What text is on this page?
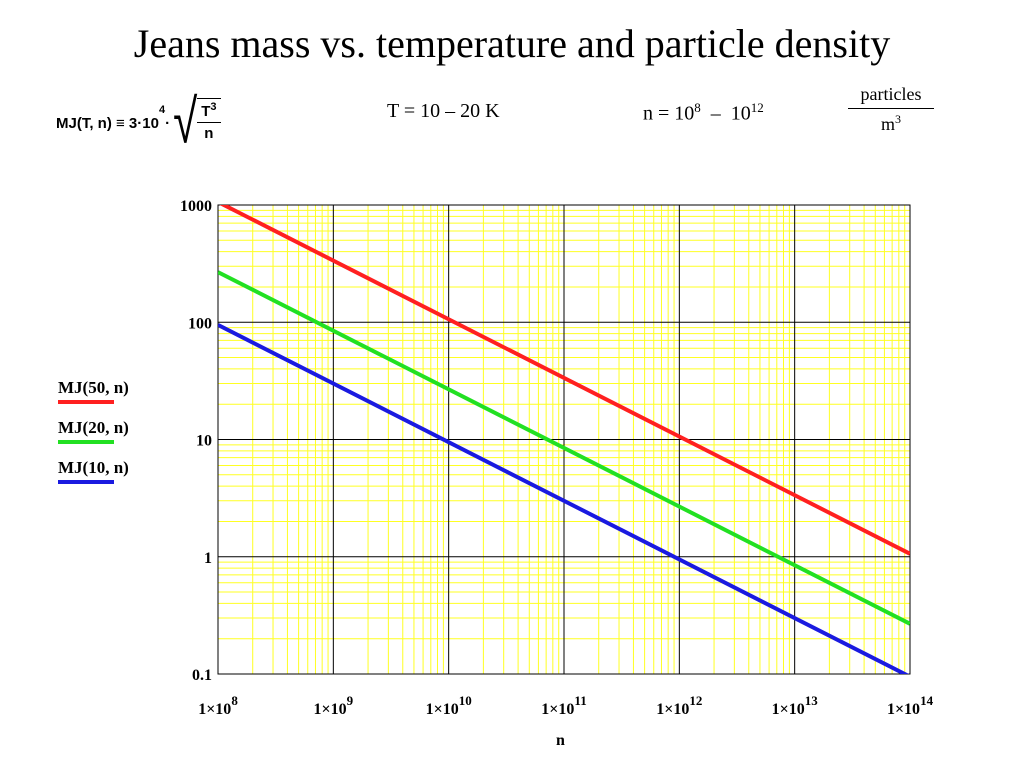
Jeans mass vs. temperature and particle density
MJ(T, n) ≡ 3·10
$^4$
· √ $\frac{T^3}{n}$	T = 10 – 20 K	$n = 10^8 - 10^{12}$
particles
$m^3$
0.1
1
10
100
1000
$1\times 10^8$
$1\times 10^9$
$1\times 10^{10}$
$1\times 10^{11}$
$1\times 10^{12}$
$1\times 10^{13}$
$1\times 10^{14}$
MJ(50, n)
MJ(20, n)
MJ(10, n)
n
